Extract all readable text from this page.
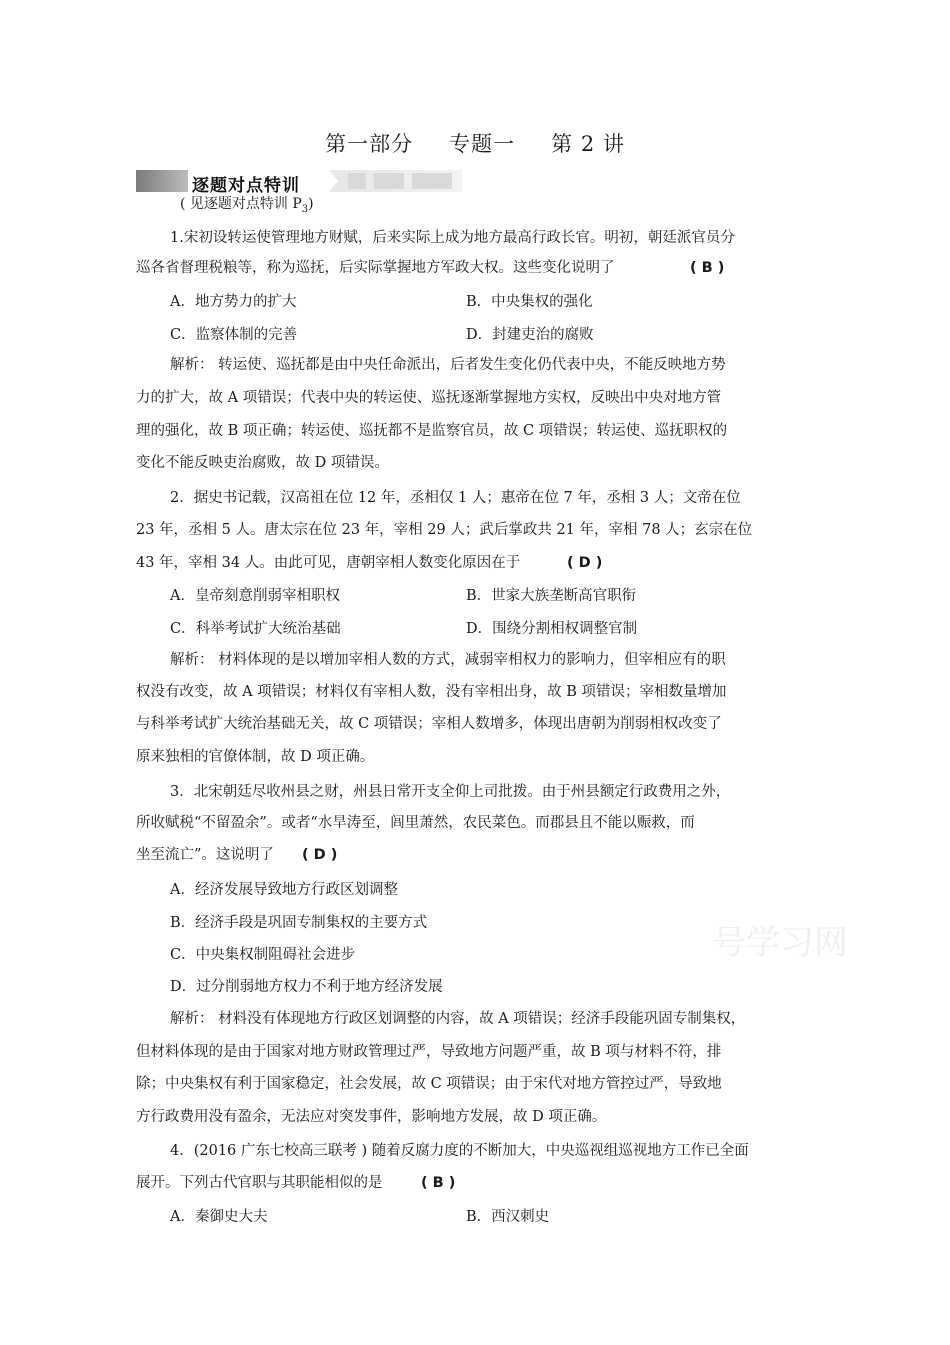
第一部分 专题一 第 2 讲
逐题对点特训
( 见逐题对点特训 $P_3$)
1.宋初设转运使管理地方财赋，后来实际上成为地方最高行政长官。明初，朝廷派官员分
巡各省督理税粮等，称为巡抚，后实际掌握地方军政大权。这些变化说明了	( B )
A．地方势力的扩大	B．中央集权的强化
C．监察体制的完善	D．封建吏治的腐败
解析： 转运使、巡抚都是由中央任命派出，后者发生变化仍代表中央，不能反映地方势
力的扩大，故 A 项错误；代表中央的转运使、巡抚逐渐掌握地方实权，反映出中央对地方管
理的强化，故 B 项正确；转运使、巡抚都不是监察官员，故 C 项错误；转运使、巡抚职权的
变化不能反映吏治腐败，故 D 项错误。
2．据史书记载，汉高祖在位 12 年，丞相仅 1 人；惠帝在位 7 年，丞相 3 人；文帝在位
23 年，丞相 5 人。唐太宗在位 23 年，宰相 29 人；武后掌政共 21 年，宰相 78 人；玄宗在位
43 年，宰相 34 人。由此可见，唐朝宰相人数变化原因在于	( D )
A．皇帝刻意削弱宰相职权	B．世家大族垄断高官职衔
C．科举考试扩大统治基础	D．围绕分割相权调整官制
解析： 材料体现的是以增加宰相人数的方式，减弱宰相权力的影响力，但宰相应有的职
权没有改变，故 A 项错误；材料仅有宰相人数，没有宰相出身，故 B 项错误；宰相数量增加
与科举考试扩大统治基础无关，故 C 项错误；宰相人数增多，体现出唐朝为削弱相权改变了
原来独相的官僚体制，故 D 项正确。
3．北宋朝廷尽收州县之财，州县日常开支全仰上司批拨。由于州县额定行政费用之外，
所收赋税“不留盈余”。或者“水旱涛至，闾里萧然，农民菜色。而郡县且不能以赈救，而
坐至流亡”。这说明了 ( D )
A．经济发展导致地方行政区划调整
B．经济手段是巩固专制集权的主要方式
C．中央集权制阻碍社会进步
D．过分削弱地方权力不利于地方经济发展
解析： 材料没有体现地方行政区划调整的内容，故 A 项错误；经济手段能巩固专制集权，
但材料体现的是由于国家对地方财政管理过严，导致地方问题严重，故 B 项与材料不符，排
除；中央集权有利于国家稳定，社会发展，故 C 项错误；由于宋代对地方管控过严，导致地
方行政费用没有盈余，无法应对突发事件，影响地方发展，故 D 项正确。
4．(2016 广东七校高三联考 ) 随着反腐力度的不断加大，中央巡视组巡视地方工作已全面
展开。下列古代官职与其职能相似的是	( B )
A．秦御史大夫	B．西汉刺史
号学习网
